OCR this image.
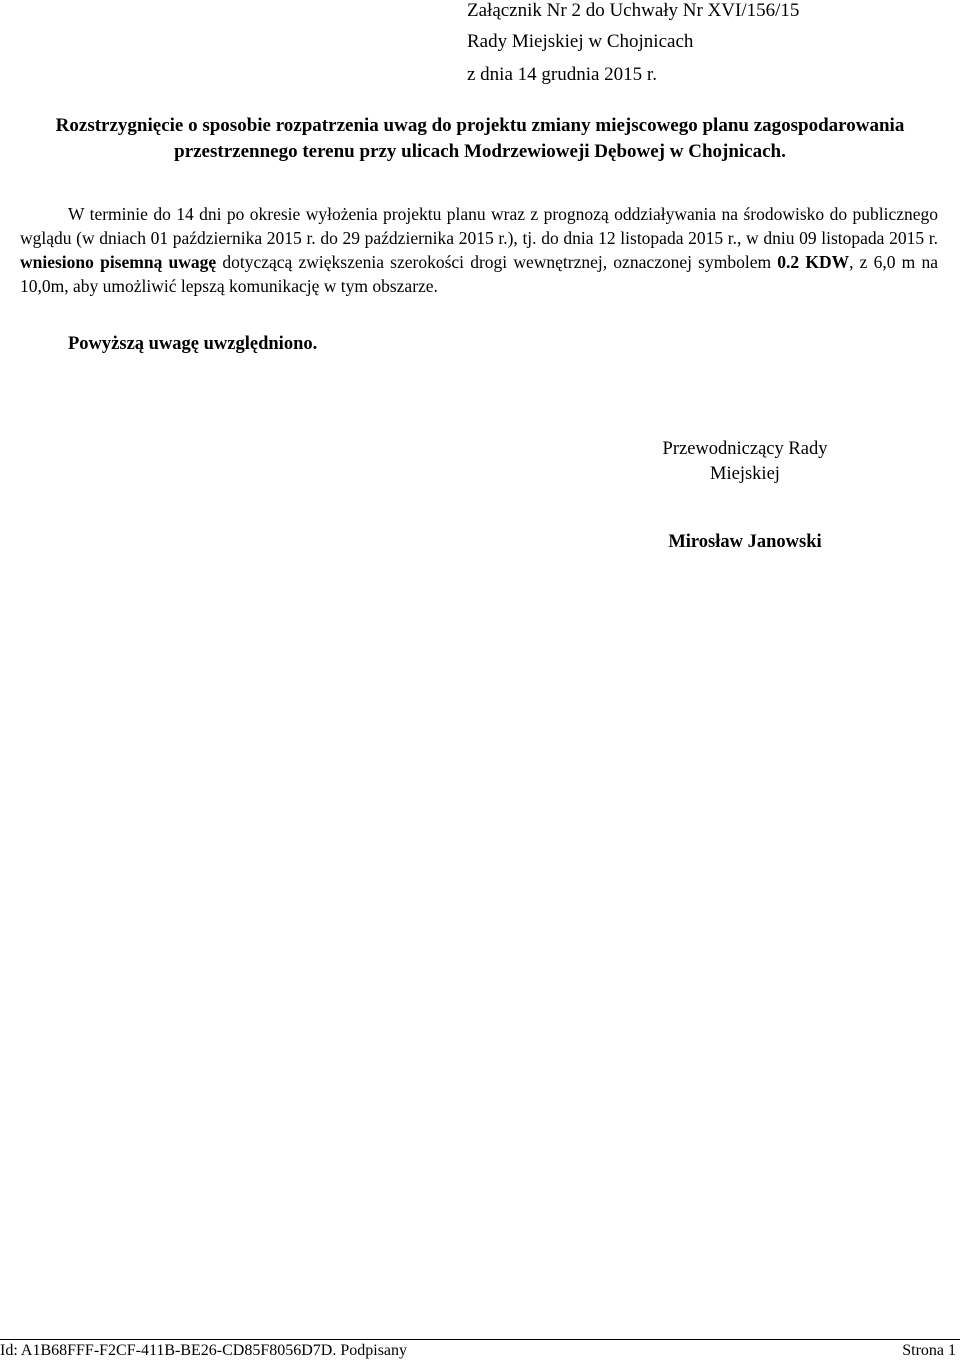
Załącznik Nr 2 do Uchwały Nr XVI/156/15
Rady Miejskiej w Chojnicach
z dnia 14 grudnia 2015 r.
Rozstrzygnięcie o sposobie rozpatrzenia uwag do projektu zmiany miejscowego planu zagospodarowania
przestrzennego terenu przy ulicach Modrzewioweji Dębowej w Chojnicach.
W terminie do 14 dni po okresie wyłożenia projektu planu wraz z prognozą oddziaływania na środowisko do publicznego wglądu (w dniach 01 października 2015 r. do 29 października 2015 r.), tj. do dnia 12 listopada 2015 r., w dniu 09 listopada 2015 r. wniesiono pisemną uwagę dotyczącą zwiększenia szerokości drogi wewnętrznej, oznaczonej symbolem 0.2 KDW, z 6,0 m na 10,0m, aby umożliwić lepszą komunikację w tym obszarze.
Powyższą uwagę uwzględniono.
Przewodniczący Rady
Miejskiej
Mirosław Janowski
Id: A1B68FFF-F2CF-411B-BE26-CD85F8056D7D. Podpisany	Strona 1
